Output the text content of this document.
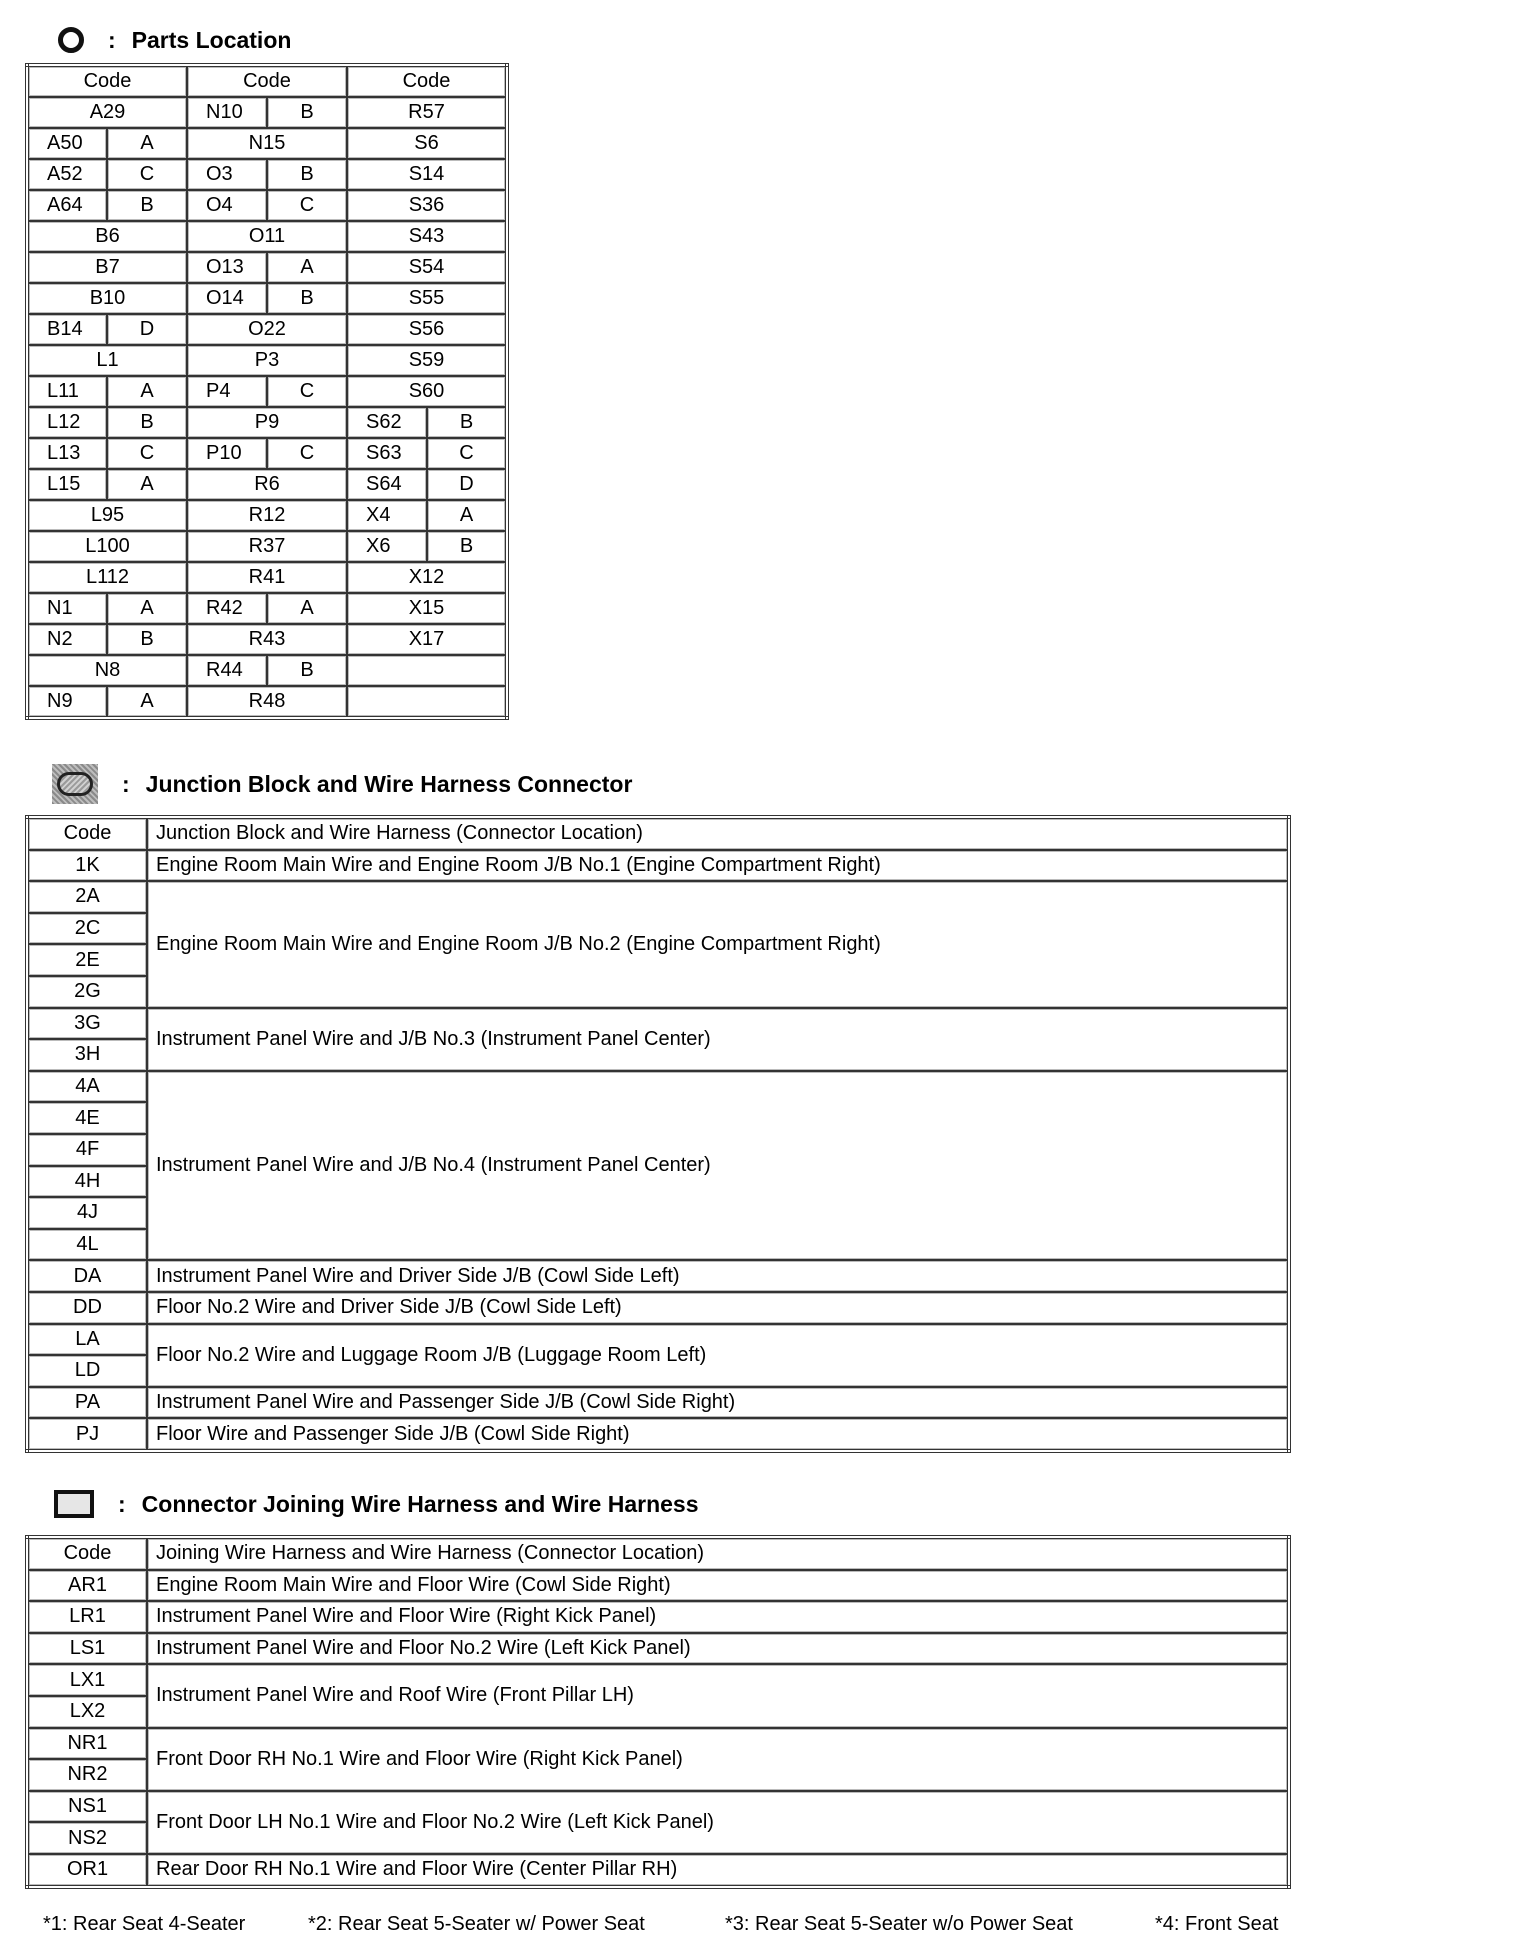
: Parts Location
Code		Code		Code	
A29		N10	B	R57	
A50	A	N15		S6	
A52	C	O3	B	S14	
A64	B	O4	C	S36	
B6		O11		S43	
B7		O13	A	S54	
B10		O14	B	S55	
B14	D	O22		S56	
L1		P3		S59	
L11	A	P4	C	S60	
L12	B	P9		S62	B
L13	C	P10	C	S63	C
L15	A	R6		S64	D
L95		R12		X4	A
L100		R37		X6	B
L112		R41		X12	
N1	A	R42	A	X15	
N2	B	R43		X17	
N8		R44	B		
N9	A	R48			
: Junction Block and Wire Harness Connector
Code	Junction Block and Wire Harness (Connector Location)
1K	Engine Room Main Wire and Engine Room J/B No.1 (Engine Compartment Right)
2A	Engine Room Main Wire and Engine Room J/B No.2 (Engine Compartment Right)
2C	
2E	
2G	
3G	Instrument Panel Wire and J/B No.3 (Instrument Panel Center)
3H	
4A	Instrument Panel Wire and J/B No.4 (Instrument Panel Center)
4E	
4F	
4H	
4J	
4L	
DA	Instrument Panel Wire and Driver Side J/B (Cowl Side Left)
DD	Floor No.2 Wire and Driver Side J/B (Cowl Side Left)
LA	Floor No.2 Wire and Luggage Room J/B (Luggage Room Left)
LD	
PA	Instrument Panel Wire and Passenger Side J/B (Cowl Side Right)
PJ	Floor Wire and Passenger Side J/B (Cowl Side Right)
: Connector Joining Wire Harness and Wire Harness
Code	Joining Wire Harness and Wire Harness (Connector Location)
AR1	Engine Room Main Wire and Floor Wire (Cowl Side Right)
LR1	Instrument Panel Wire and Floor Wire (Right Kick Panel)
LS1	Instrument Panel Wire and Floor No.2 Wire (Left Kick Panel)
LX1	Instrument Panel Wire and Roof Wire (Front Pillar LH)
LX2	
NR1	Front Door RH No.1 Wire and Floor Wire (Right Kick Panel)
NR2	
NS1	Front Door LH No.1 Wire and Floor No.2 Wire (Left Kick Panel)
NS2	
OR1	Rear Door RH No.1 Wire and Floor Wire (Center Pillar RH)
*1: Rear Seat 4-Seater	*2: Rear Seat 5-Seater w/ Power Seat	*3: Rear Seat 5-Seater w/o Power Seat	*4: Front Seat
